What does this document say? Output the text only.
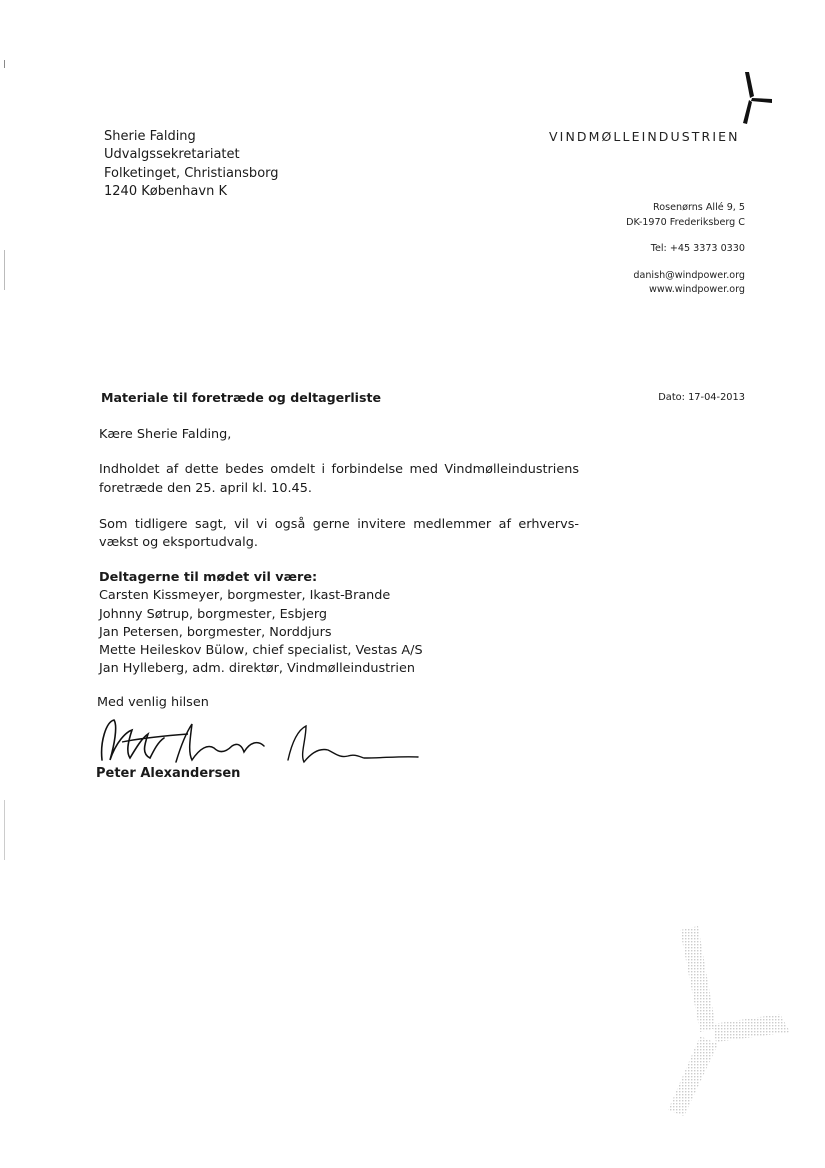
VINDMØLLEINDUSTRIEN
Sherie Falding
Udvalgssekretariatet
Folketinget, Christiansborg
1240 København K
Rosenørns Allé 9, 5
DK-1970 Frederiksberg C
Tel: +45 3373 0330
danish@windpower.org
www.windpower.org
Materiale til foretræde og deltagerliste	Dato: 17-04-2013

Kære Sherie Falding,

Indholdet af dette bedes omdelt i forbindelse med Vindmølleindustriens foretræde den 25. april kl. 10.45.

Som tidligere sagt, vil vi også gerne invitere medlemmer af erhvervs-vækst og eksportudvalg.

Deltagerne til mødet vil være:
Carsten Kissmeyer, borgmester, Ikast-Brande
Johnny Søtrup, borgmester, Esbjerg
Jan Petersen, borgmester, Norddjurs
Mette Heileskov Bülow, chief specialist, Vestas A/S
Jan Hylleberg, adm. direktør, Vindmølleindustrien
Med venlig hilsen
Peter Alexandersen
